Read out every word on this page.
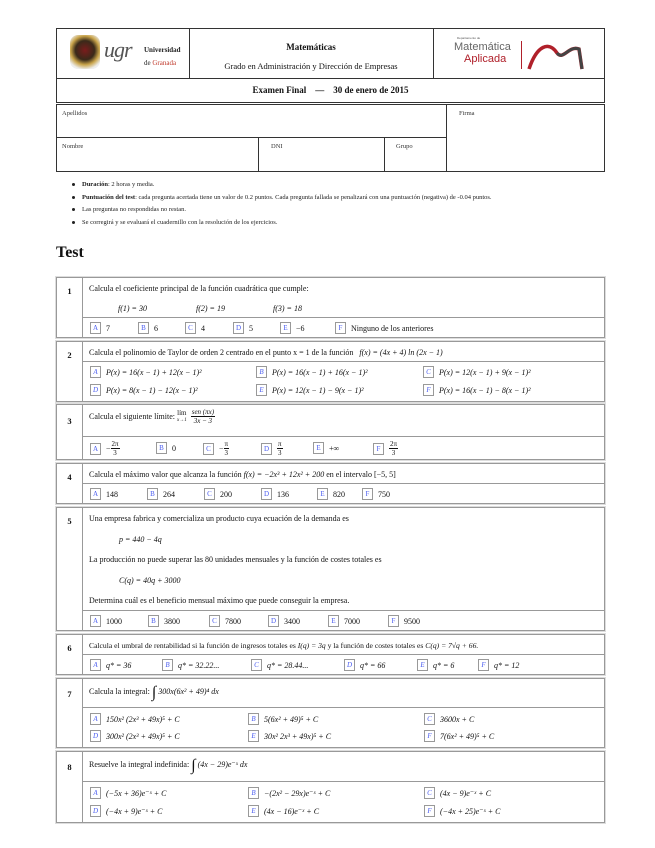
ugr Universidad
de Granada
Matemáticas
Grado en Administración y Dirección de Empresas
Departamento de
Matemática
Aplicada
Examen Final — 30 de enero de 2015
Apellidos	Firma
Nombre	DNI	Grupo
Duración: 2 horas y media.
Puntuación del test: cada pregunta acertada tiene un valor de 0.2 puntos. Cada pregunta fallada se penalizará con una puntuación (negativa) de -0.04 puntos.
Las preguntas no respondidas no restan.
Se corregirá y se evaluará el cuadernillo con la resolución de los ejercicios.
Test
1	Calcula el coeficiente principal de la función cuadrática que cumple:
f(1) = 30	f(2) = 19	f(3) = 18
A 7	B	6	C	4	D 5	E	−6	F	Ninguno de los anteriores
2	Calcula el polinomio de Taylor de orden 2 centrado en el punto x = 1 de la función f(x) = (4x + 4) ln (2x − 1)
A	P(x) = 16(x − 1) + 12(x − 1)²	B	P(x) = 16(x − 1) + 16(x − 1)²	C	P(x) = 12(x − 1) + 9(x − 1)²
D P(x) = 8(x − 1) − 12(x − 1)²	E	P(x) = 12(x − 1) − 9(x − 1)²	F	P(x) = 16(x − 1) − 8(x − 1)²
3	Calcula el siguiente límite:
lím
x→1
$\frac{\text{sen (πx)}}{3x - 3}$
$A - \frac{2\pi}{3}$	B	0	C	− $\frac{\pi}{3}$	D	$\frac{\pi}{3}$	E	+∞	F	$\frac{2\pi}{3}$
4	Calcula el máximo valor que alcanza la función f(x) = −2x³ + 12x² + 200 en el intervalo [−5, 5]
A 148	B	264	C	200	D 136	E	820	F	750
5	Una empresa fabrica y comercializa un producto cuya ecuación de la demanda es
p = 440 − 4q
La producción no puede superar las 80 unidades mensuales y la función de costes totales es
C(q) = 40q + 3000
Determina cuál es el beneficio mensual máximo que puede conseguir la empresa.
A 1000	B	3800	C	7800	D 3400	E	7000	F	9500
6	Calcula el umbral de rentabilidad si la función de ingresos totales es I(q) = 3q y la función de costes totales es C(q) = 7√q + 66.
A	q* = 36	B	q* = 32.22...	C	q* = 28.44...	D q* = 66	E	q* = 6	F	q* = 12
7	Calcula la integral: ∫ 300x(6x² + 49)⁴ dx
A	150x² (2x³ + 49x)⁵ + C	B	5(6x² + 49)⁵ + C	C	3600x + C
D 300x² (2x³ + 49x)⁵ + C	E	30x² 2x³ + 49x)⁵ + C	F	7(6x² + 49)⁵ + C
8	Resuelve la integral indefinida: ∫ (4x − 29)e⁻ˣ dx
A	(−5x + 36)e⁻ˣ + C	B	−(2x² − 29x)e⁻ˣ + C	C	(4x − 9)e⁻ˣ + C
D (−4x + 9)e⁻ˣ + C	E	(4x − 16)e⁻ˣ + C	F	(−4x + 25)e⁻ˣ + C
